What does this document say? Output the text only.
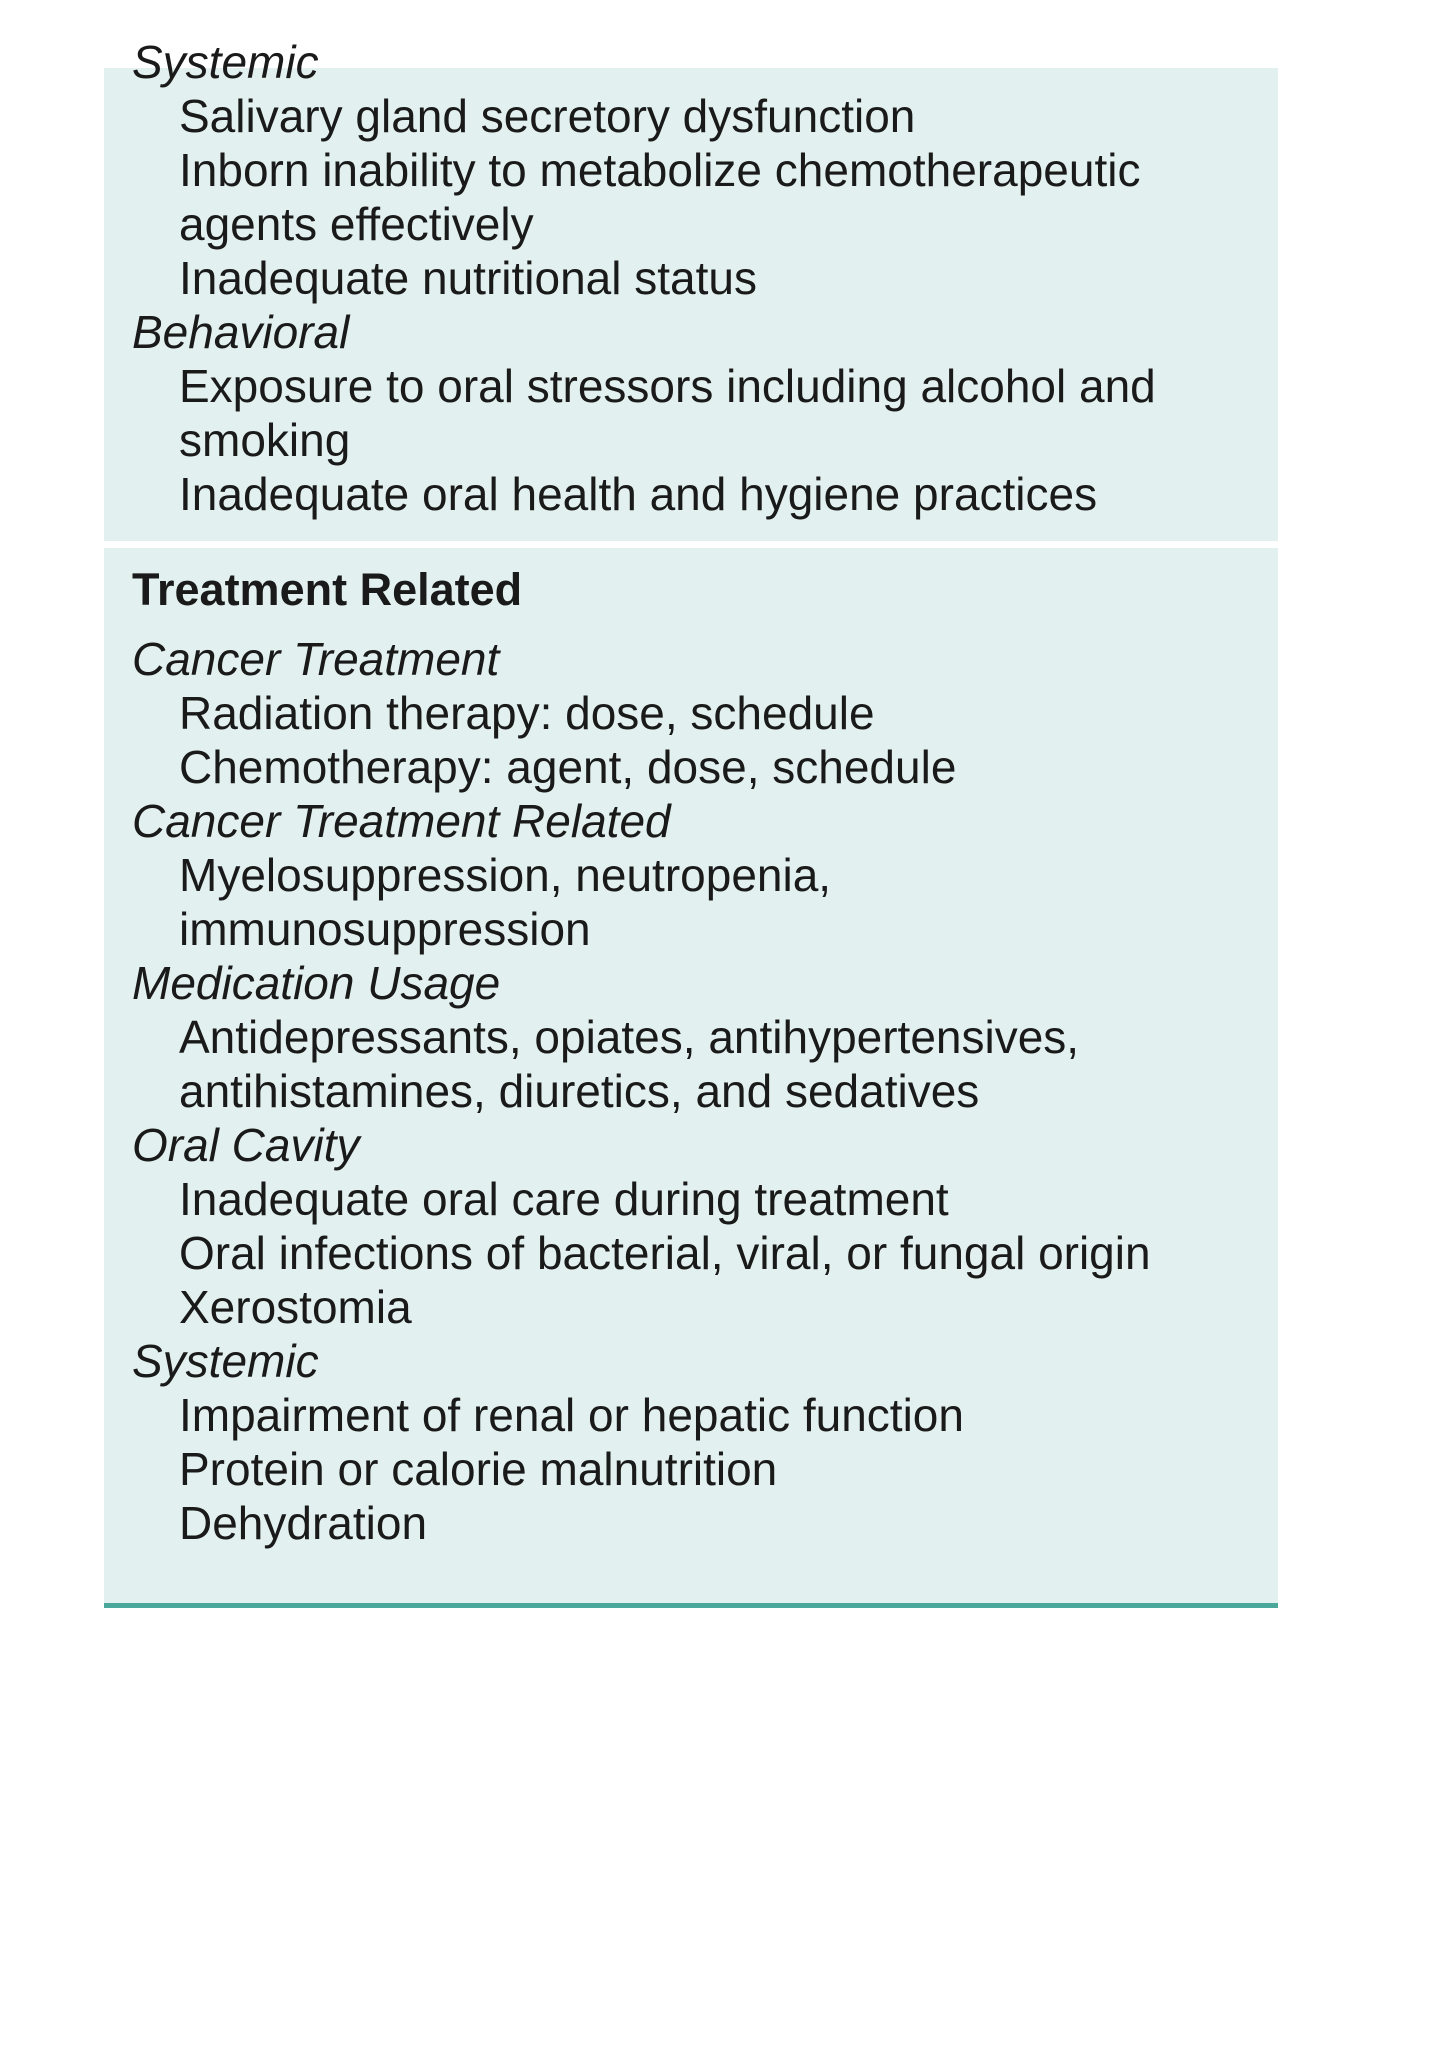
Systemic
Salivary gland secretory dysfunction
Inborn inability to metabolize chemotherapeutic
agents effectively
Inadequate nutritional status
Behavioral
Exposure to oral stressors including alcohol and
smoking
Inadequate oral health and hygiene practices
Treatment Related
Cancer Treatment
Radiation therapy: dose, schedule
Chemotherapy: agent, dose, schedule
Cancer Treatment Related
Myelosuppression, neutropenia,
immunosuppression
Medication Usage
Antidepressants, opiates, antihypertensives,
antihistamines, diuretics, and sedatives
Oral Cavity
Inadequate oral care during treatment
Oral infections of bacterial, viral, or fungal origin
Xerostomia
Systemic
Impairment of renal or hepatic function
Protein or calorie malnutrition
Dehydration
